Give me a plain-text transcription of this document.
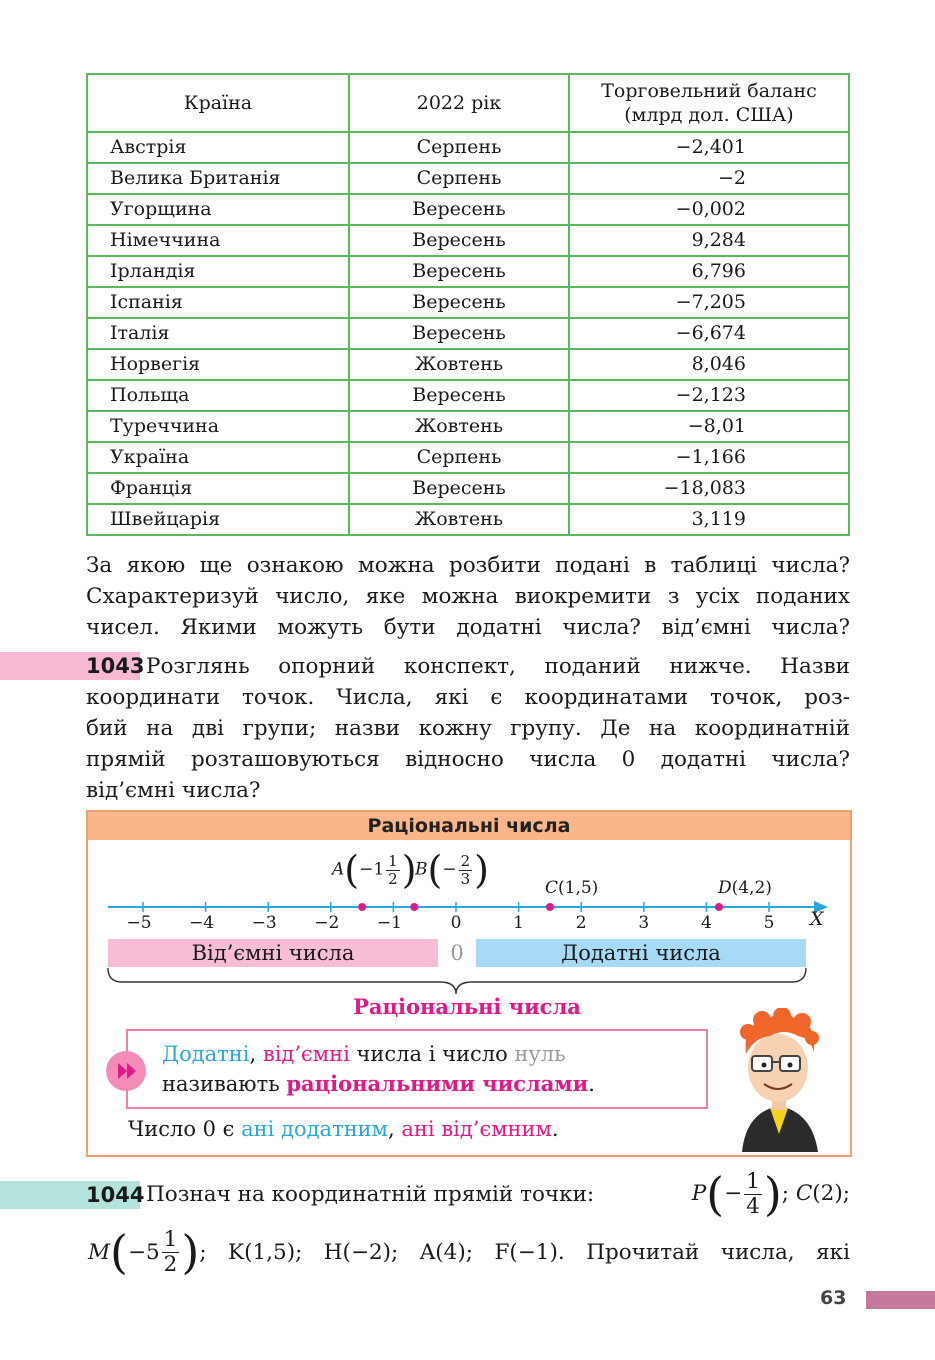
Країна	2022 рік	Торговельний баланс
(млрд дол. США)
Австрія	Серпень	−2,401
Велика Британія	Серпень	−2
Угорщина	Вересень	−0,002
Німеччина	Вересень	9,284
Ірландія	Вересень	6,796
Іспанія	Вересень	−7,205
Італія	Вересень	−6,674
Норвегія	Жовтень	8,046
Польща	Вересень	−2,123
Туреччина	Жовтень	−8,01
Україна	Серпень	−1,166
Франція	Вересень	−18,083
Швейцарія	Жовтень	3,119
За якою ще ознакою можна розбити подані в таблиці числа?
Схарактеризуй число, яке можна виокремити з усіх поданих
чисел. Якими можуть бути додатні числа? від’ємні числа?
1043 Розглянь опорний конспект, поданий нижче. Назви
координати точок. Числа, які є координатами точок, роз-
бий на дві групи; назви кожну групу. Де на координатній
прямій розташовуються відносно числа 0 додатні числа?
від’ємні числа?
Раціональні числа
−5 −4 −3 −2 −1	0	1	2	3	4	5 X
$A(-1 \frac{1}{2}$ )
$B(- \frac{2}{3}$ )	C(1,5)	D(4,2)
Від’ємні числа	0	Додатні числа
Раціональні числа
Додатні, від’ємні числа і число нуль
називають раціональними числами.
Число 0 є ані додатним, ані від’ємним.
1044 Познач на координатній прямій точки:	$P(- \frac{1}{4}$ ); C(2);
M ( $-5 \frac{1}{2}$ ) ; K(1,5); H(−2); A(4); F(−1). Прочитай числа, які
63
